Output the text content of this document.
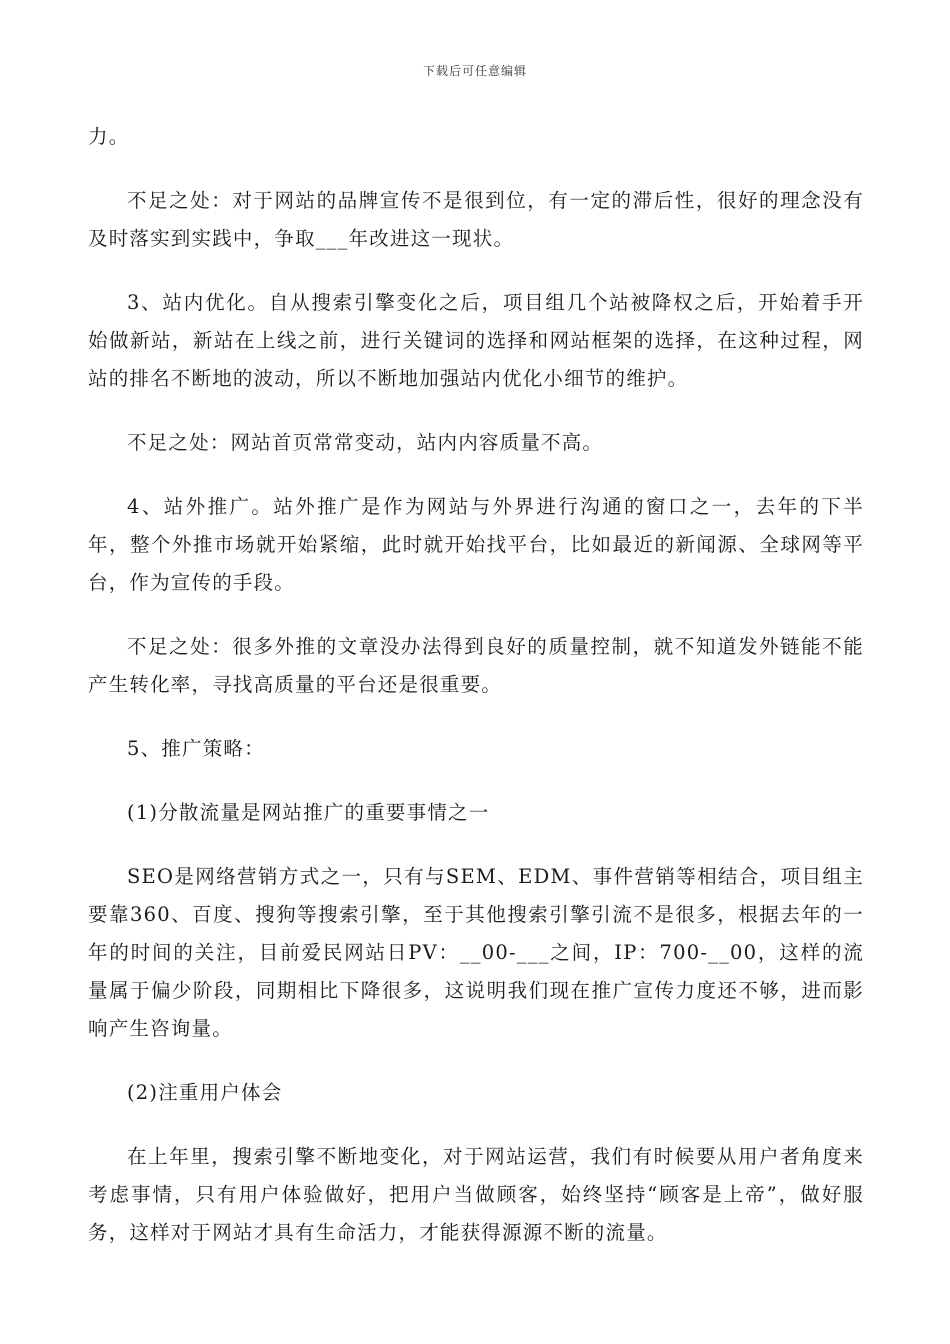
下载后可任意编辑

力。

不足之处：对于网站的品牌宣传不是很到位，有一定的滞后性，很好的理念没有及时落实到实践中，争取___年改进这一现状。

3、站内优化。自从搜索引擎变化之后，项目组几个站被降权之后，开始着手开始做新站，新站在上线之前，进行关键词的选择和网站框架的选择，在这种过程，网站的排名不断地的波动，所以不断地加强站内优化小细节的维护。

不足之处：网站首页常常变动，站内内容质量不高。

4、站外推广。站外推广是作为网站与外界进行沟通的窗口之一，去年的下半年，整个外推市场就开始紧缩，此时就开始找平台，比如最近的新闻源、全球网等平台，作为宣传的手段。

不足之处：很多外推的文章没办法得到良好的质量控制，就不知道发外链能不能产生转化率，寻找高质量的平台还是很重要。

5、推广策略：

(1)分散流量是网站推广的重要事情之一

SEO是网络营销方式之一，只有与SEM、EDM、事件营销等相结合，项目组主要靠360、百度、搜狗等搜索引擎，至于其他搜索引擎引流不是很多，根据去年的一年的时间的关注，目前爱民网站日PV：__00-___之间，IP：700-__00，这样的流量属于偏少阶段，同期相比下降很多，这说明我们现在推广宣传力度还不够，进而影响产生咨询量。

(2)注重用户体会

在上年里，搜索引擎不断地变化，对于网站运营，我们有时候要从用户者角度来考虑事情，只有用户体验做好，把用户当做顾客，始终坚持“顾客是上帝”，做好服务，这样对于网站才具有生命活力，才能获得源源不断的流量。
